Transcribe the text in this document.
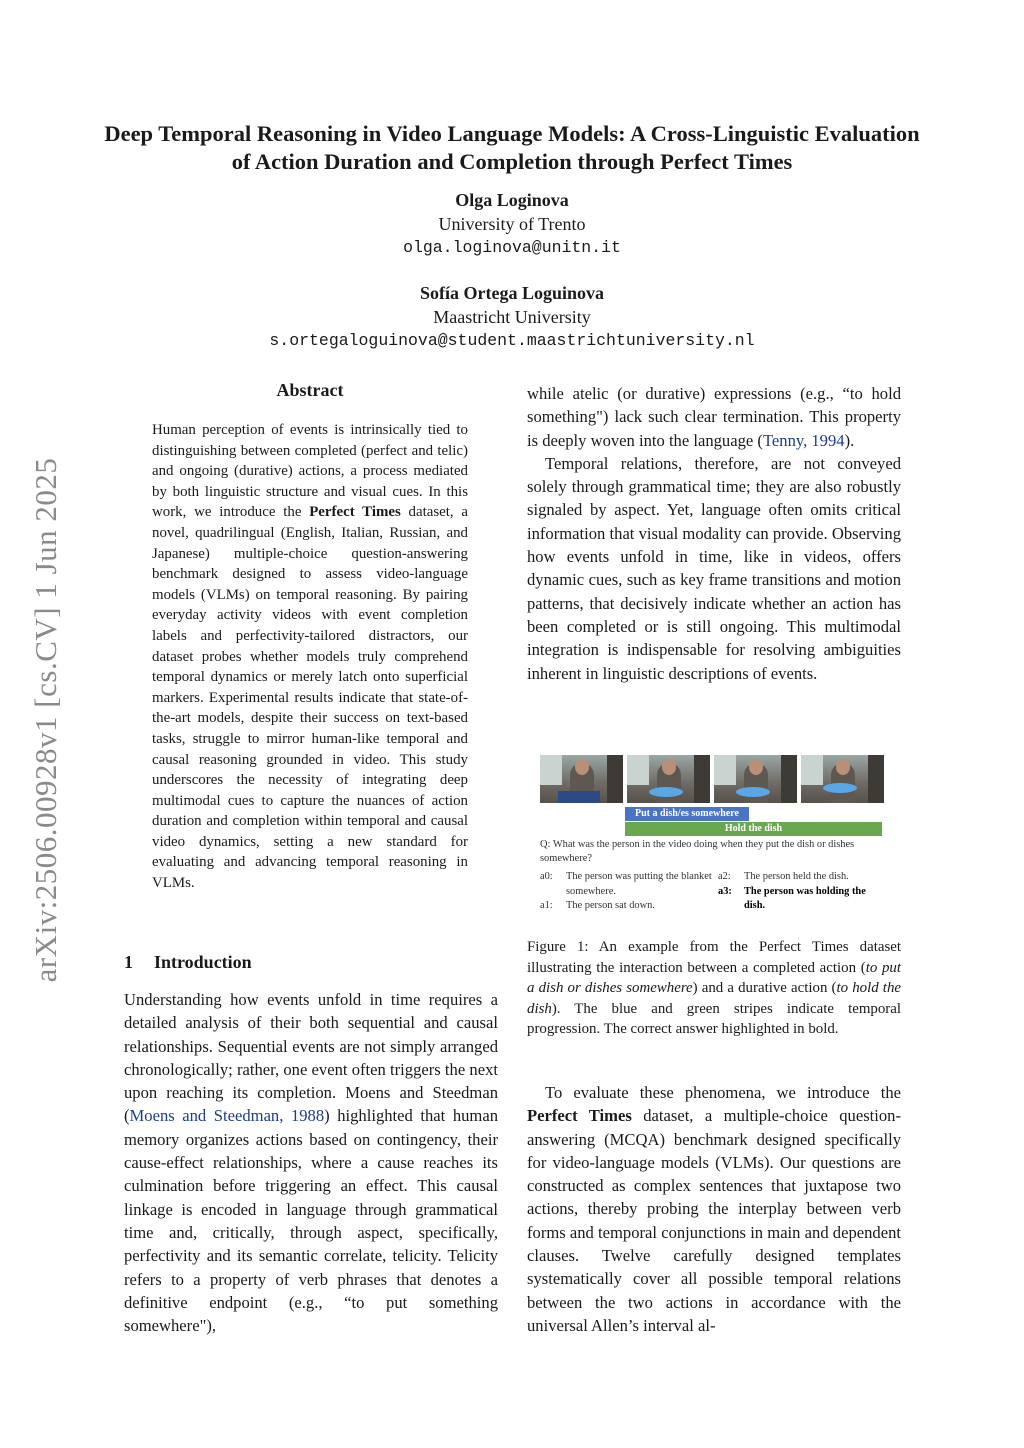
arXiv:2506.00928v1 [cs.CV] 1 Jun 2025
Deep Temporal Reasoning in Video Language Models: A Cross-Linguistic Evaluation of Action Duration and Completion through Perfect Times
Olga Loginova
University of Trento
olga.loginova@unitn.it
Sofía Ortega Loguinova
Maastricht University
s.ortegaloguinova@student.maastrichtuniversity.nl
Abstract
Human perception of events is intrinsically tied to distinguishing between completed (perfect and telic) and ongoing (durative) actions, a process mediated by both linguistic structure and visual cues. In this work, we introduce the Perfect Times dataset, a novel, quadrilingual (English, Italian, Russian, and Japanese) multiple-choice question-answering benchmark designed to assess video-language models (VLMs) on temporal reasoning. By pairing everyday activity videos with event completion labels and perfectivity-tailored distractors, our dataset probes whether models truly comprehend temporal dynamics or merely latch onto superficial markers. Experimental results indicate that state-of-the-art models, despite their success on text-based tasks, struggle to mirror human-like temporal and causal reasoning grounded in video. This study underscores the necessity of integrating deep multimodal cues to capture the nuances of action duration and completion within temporal and causal video dynamics, setting a new standard for evaluating and advancing temporal reasoning in VLMs.
1 Introduction

Understanding how events unfold in time requires a detailed analysis of their both sequential and causal relationships. Sequential events are not simply arranged chronologically; rather, one event often triggers the next upon reaching its completion. Moens and Steedman (Moens and Steedman, 1988) highlighted that human memory organizes actions based on contingency, their cause-effect relationships, where a cause reaches its culmination before triggering an effect. This causal linkage is encoded in language through grammatical time and, critically, through aspect, specifically, perfectivity and its semantic correlate, telicity. Telicity refers to a property of verb phrases that denotes a definitive endpoint (e.g., “to put something somewhere"),

while atelic (or durative) expressions (e.g., “to hold something") lack such clear termination. This property is deeply woven into the language (Tenny, 1994).

Temporal relations, therefore, are not conveyed solely through grammatical time; they are also robustly signaled by aspect. Yet, language often omits critical information that visual modality can provide. Observing how events unfold in time, like in videos, offers dynamic cues, such as key frame transitions and motion patterns, that decisively indicate whether an action has been completed or is still ongoing. This multimodal integration is indispensable for resolving ambiguities inherent in linguistic descriptions of events.

Put a dish/es somewhere
Hold the dish
Q: What was the person in the video doing when they put the dish or dishes somewhere?
a0:	The person was putting the blanket somewhere.
a1:	The person sat down.
a2:	The person held the dish.
a3:	The person was holding the dish.
Figure 1: An example from the Perfect Times dataset illustrating the interaction between a completed action (to put a dish or dishes somewhere) and a durative action (to hold the dish). The blue and green stripes indicate temporal progression. The correct answer highlighted in bold.

To evaluate these phenomena, we introduce the Perfect Times dataset, a multiple-choice question-answering (MCQA) benchmark designed specifically for video-language models (VLMs). Our questions are constructed as complex sentences that juxtapose two actions, thereby probing the interplay between verb forms and temporal conjunctions in main and dependent clauses. Twelve carefully designed templates systematically cover all possible temporal relations between the two actions in accordance with the universal Allen’s interval al-
